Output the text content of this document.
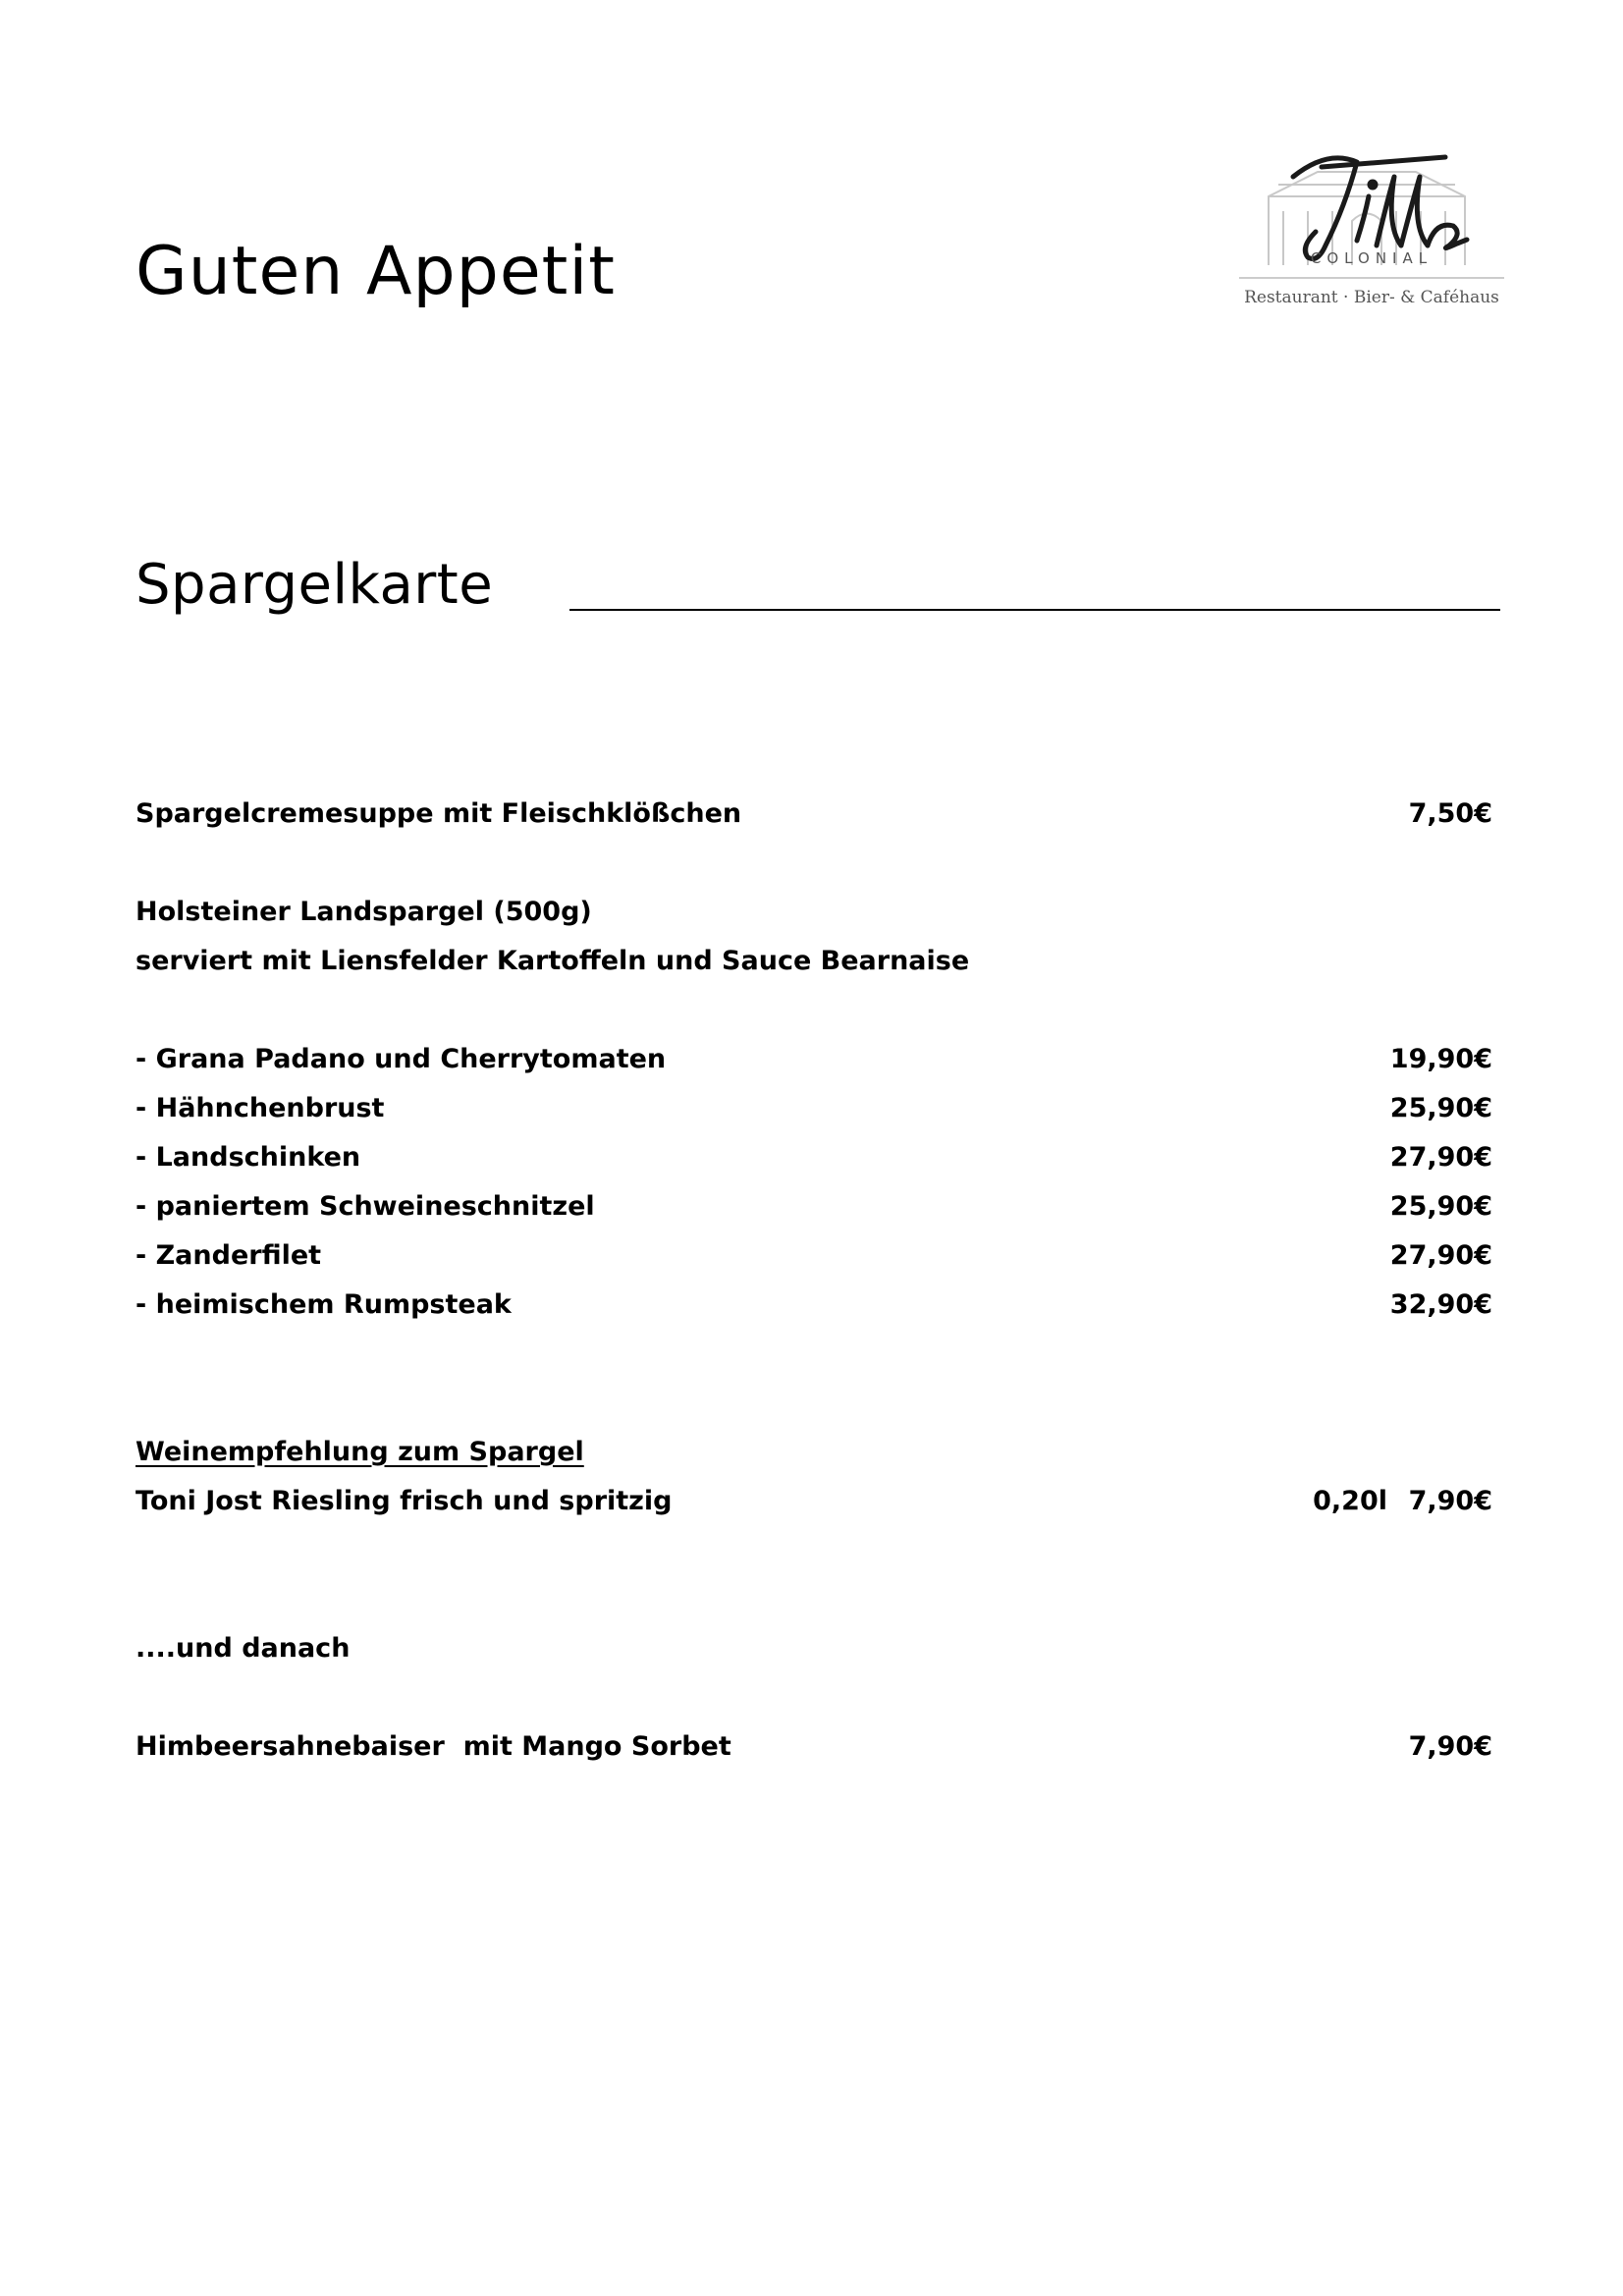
Guten Appetit	COLONIAL
Restaurant · Bier- & Caféhaus
Spargelkarte
Spargelcremesuppe mit Fleischklößchen	7,50€
Holsteiner Landspargel (500g)
serviert mit Liensfelder Kartoffeln und Sauce Bearnaise
- Grana Padano und Cherrytomaten	19,90€
- Hähnchenbrust	25,90€
- Landschinken	27,90€
- paniertem Schweineschnitzel	25,90€
- Zanderfilet	27,90€
- heimischem Rumpsteak	32,90€
Weinempfehlung zum Spargel
Toni Jost Riesling frisch und spritzig	0,20l 7,90€
....und danach
Himbeersahnebaiser  mit Mango Sorbet	7,90€
